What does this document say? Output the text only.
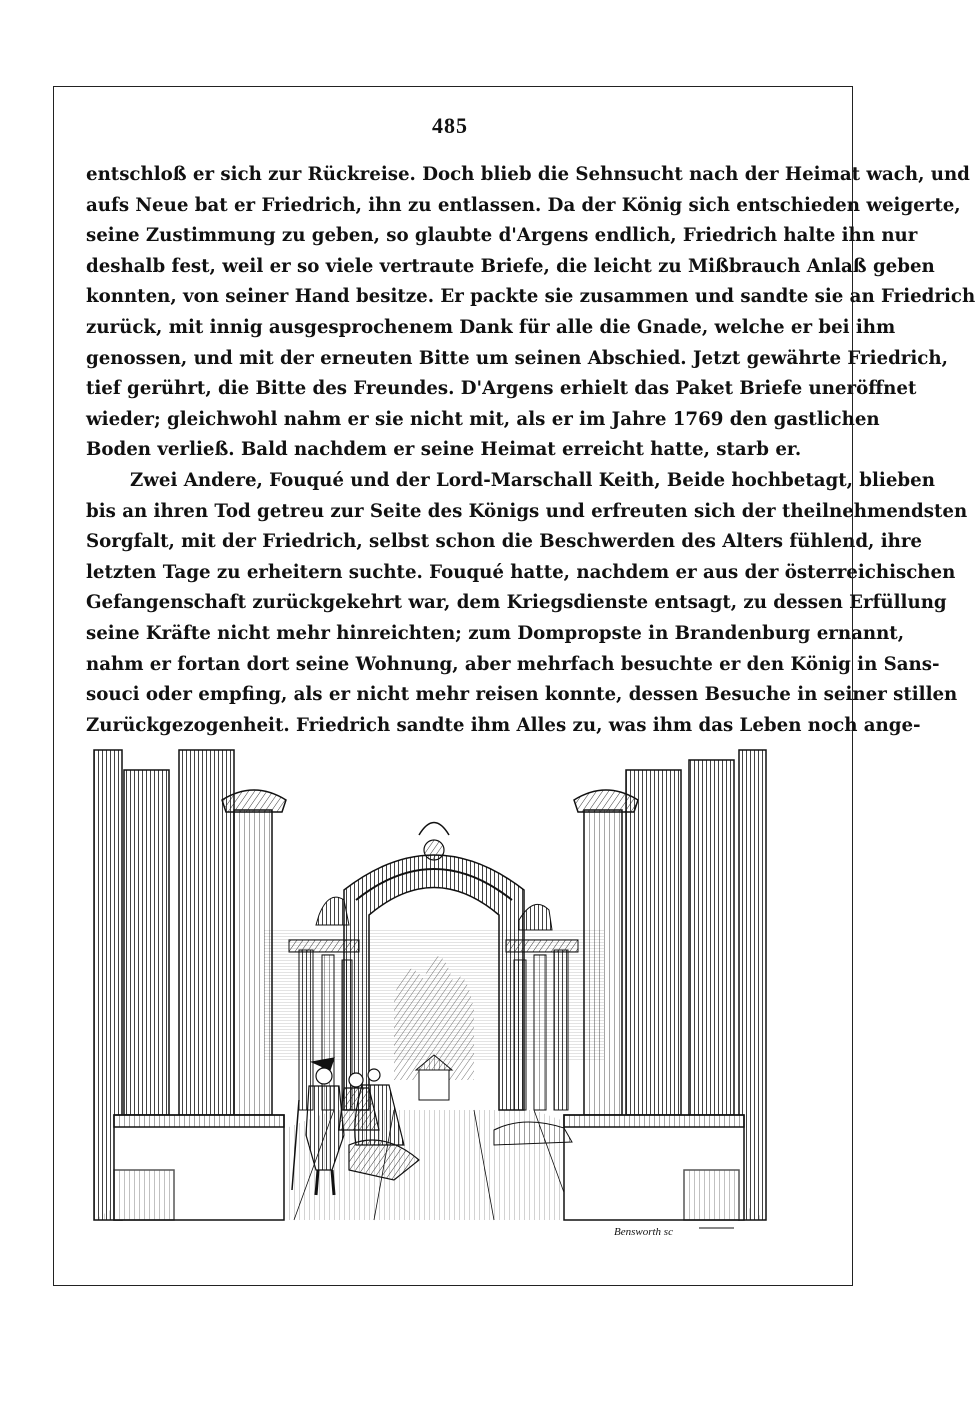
485
entschloß er sich zur Rückreise. Doch blieb die Sehnsucht nach der Heimat wach, und
aufs Neue bat er Friedrich, ihn zu entlassen. Da der König sich entschieden weigerte,
seine Zustimmung zu geben, so glaubte d'Argens endlich, Friedrich halte ihn nur
deshalb fest, weil er so viele vertraute Briefe, die leicht zu Mißbrauch Anlaß geben
konnten, von seiner Hand besitze. Er packte sie zusammen und sandte sie an Friedrich
zurück, mit innig ausgesprochenem Dank für alle die Gnade, welche er bei ihm
genossen, und mit der erneuten Bitte um seinen Abschied. Jetzt gewährte Friedrich,
tief gerührt, die Bitte des Freundes. D'Argens erhielt das Paket Briefe uneröffnet
wieder; gleichwohl nahm er sie nicht mit, als er im Jahre 1769 den gastlichen
Boden verließ. Bald nachdem er seine Heimat erreicht hatte, starb er.
Zwei Andere, Fouqué und der Lord-Marschall Keith, Beide hochbetagt, blieben
bis an ihren Tod getreu zur Seite des Königs und erfreuten sich der theilnehmendsten
Sorgfalt, mit der Friedrich, selbst schon die Beschwerden des Alters fühlend, ihre
letzten Tage zu erheitern suchte. Fouqué hatte, nachdem er aus der österreichischen
Gefangenschaft zurückgekehrt war, dem Kriegsdienste entsagt, zu dessen Erfüllung
seine Kräfte nicht mehr hinreichten; zum Dompropste in Brandenburg ernannt,
nahm er fortan dort seine Wohnung, aber mehrfach besuchte er den König in Sans-
souci oder empfing, als er nicht mehr reisen konnte, dessen Besuche in seiner stillen
Zurückgezogenheit. Friedrich sandte ihm Alles zu, was ihm das Leben noch ange-
Bensworth sc
